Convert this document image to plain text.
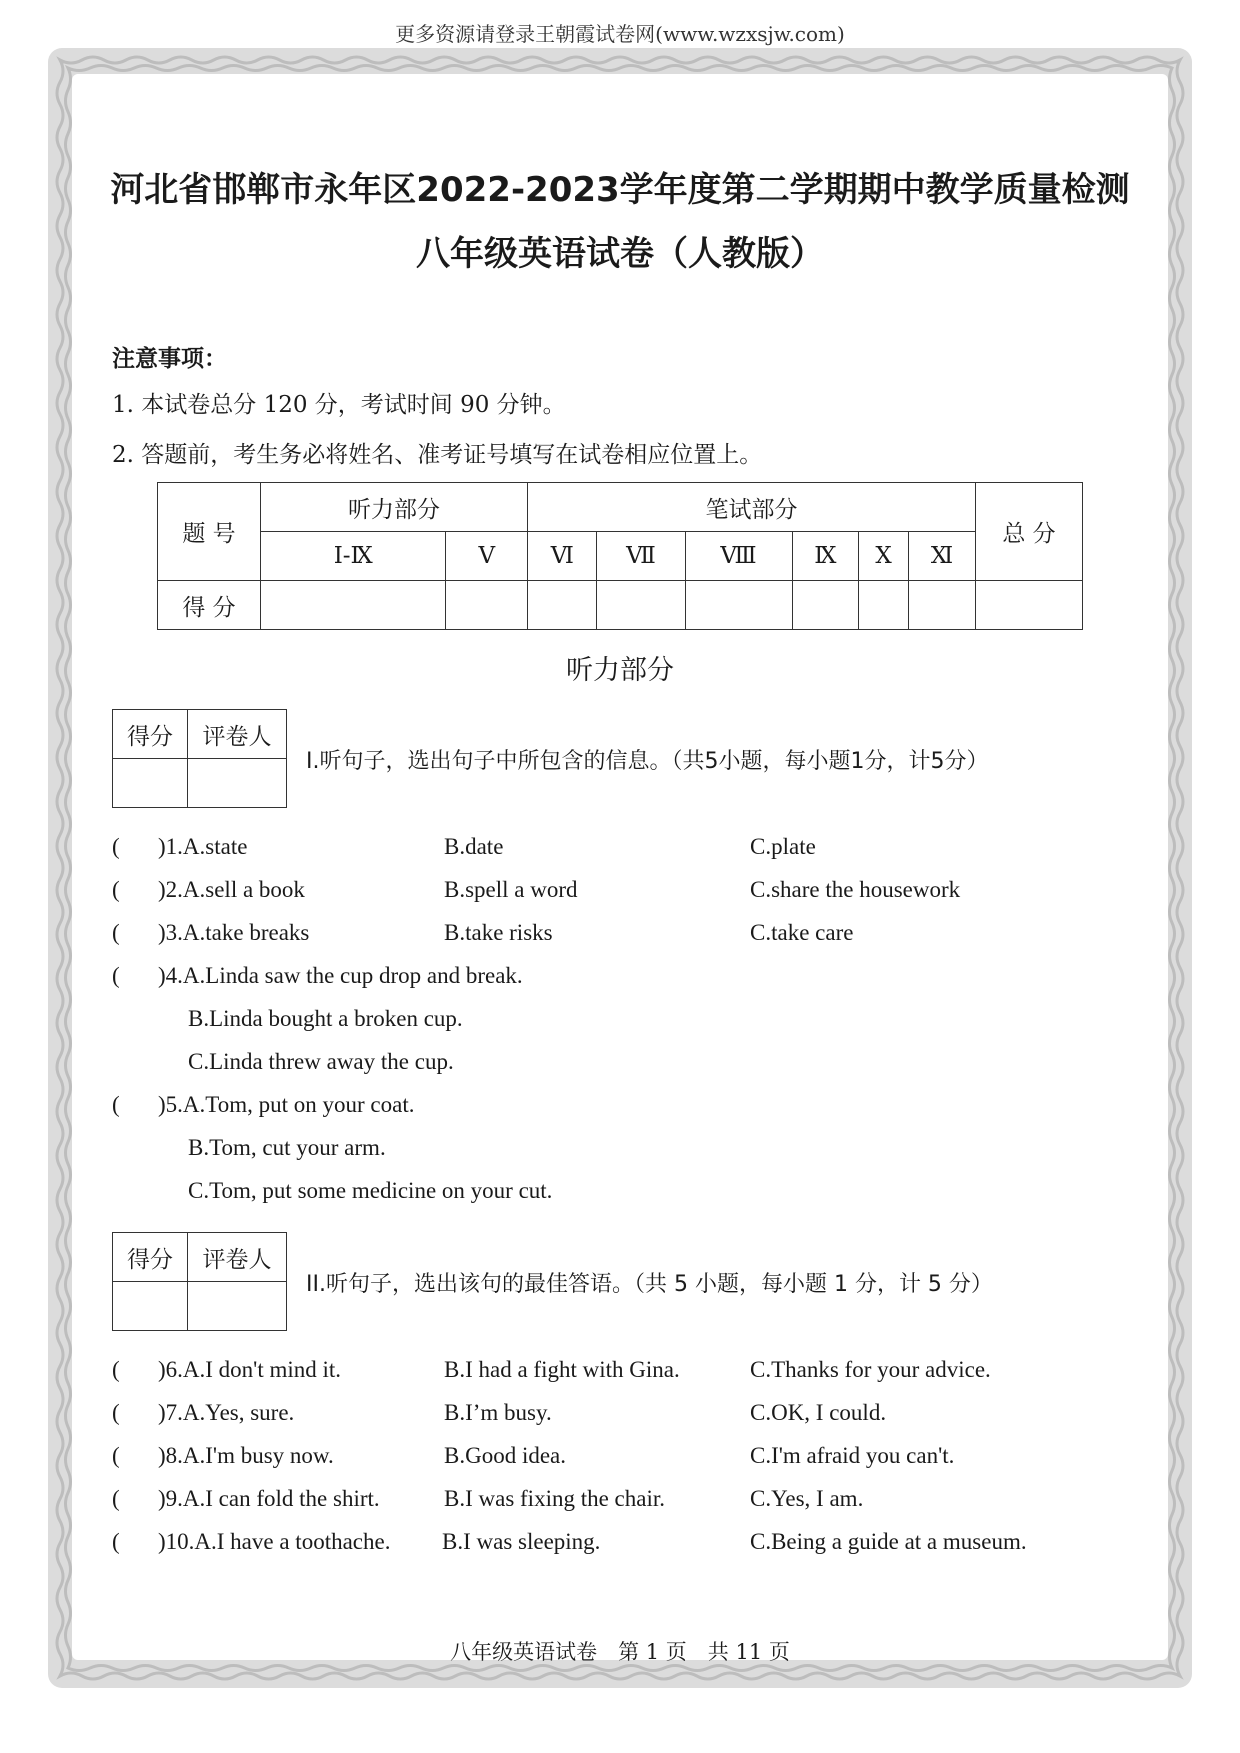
更多资源请登录王朝霞试卷网(www.wzxsjw.com)
河北省邯郸市永年区2022-2023学年度第二学期期中教学质量检测
八年级英语试卷（人教版）
注意事项：
1. 本试卷总分 120 分，考试时间 90 分钟。
2. 答题前，考生务必将姓名、准考证号填写在试卷相应位置上。
题 号	听力部分		笔试部分						总 分
	Ⅰ-Ⅸ	Ⅴ	Ⅵ	Ⅶ	Ⅷ	Ⅸ	Ⅹ	Ⅺ	
得 分									
听力部分
得分	评卷人

I.听句子，选出句子中所包含的信息。（共5小题，每小题1分，计5分）
( )1.A.state	B.date	C.plate
( )2.A.sell a book	B.spell a word	C.share the housework
( )3.A.take breaks	B.take risks	C.take care
( )4.A.Linda saw the cup drop and break.
B.Linda bought a broken cup.
C.Linda threw away the cup.
( )5.A.Tom, put on your coat.
B.Tom, cut your arm.
C.Tom, put some medicine on your cut.
得分	评卷人

II.听句子，选出该句的最佳答语。（共 5 小题，每小题 1 分，计 5 分）
( )6.A.I don't mind it.	B.I had a fight with Gina.	C.Thanks for your advice.
( )7.A.Yes, sure.	B.I’m busy.	C.OK, I could.
( )8.A.I'm busy now.	B.Good idea.	C.I'm afraid you can't.
( )9.A.I can fold the shirt.	B.I was fixing the chair.	C.Yes, I am.
( )10.A.I have a toothache. B.I was sleeping.	C.Being a guide at a museum.
八年级英语试卷　第 1 页　共 11 页
